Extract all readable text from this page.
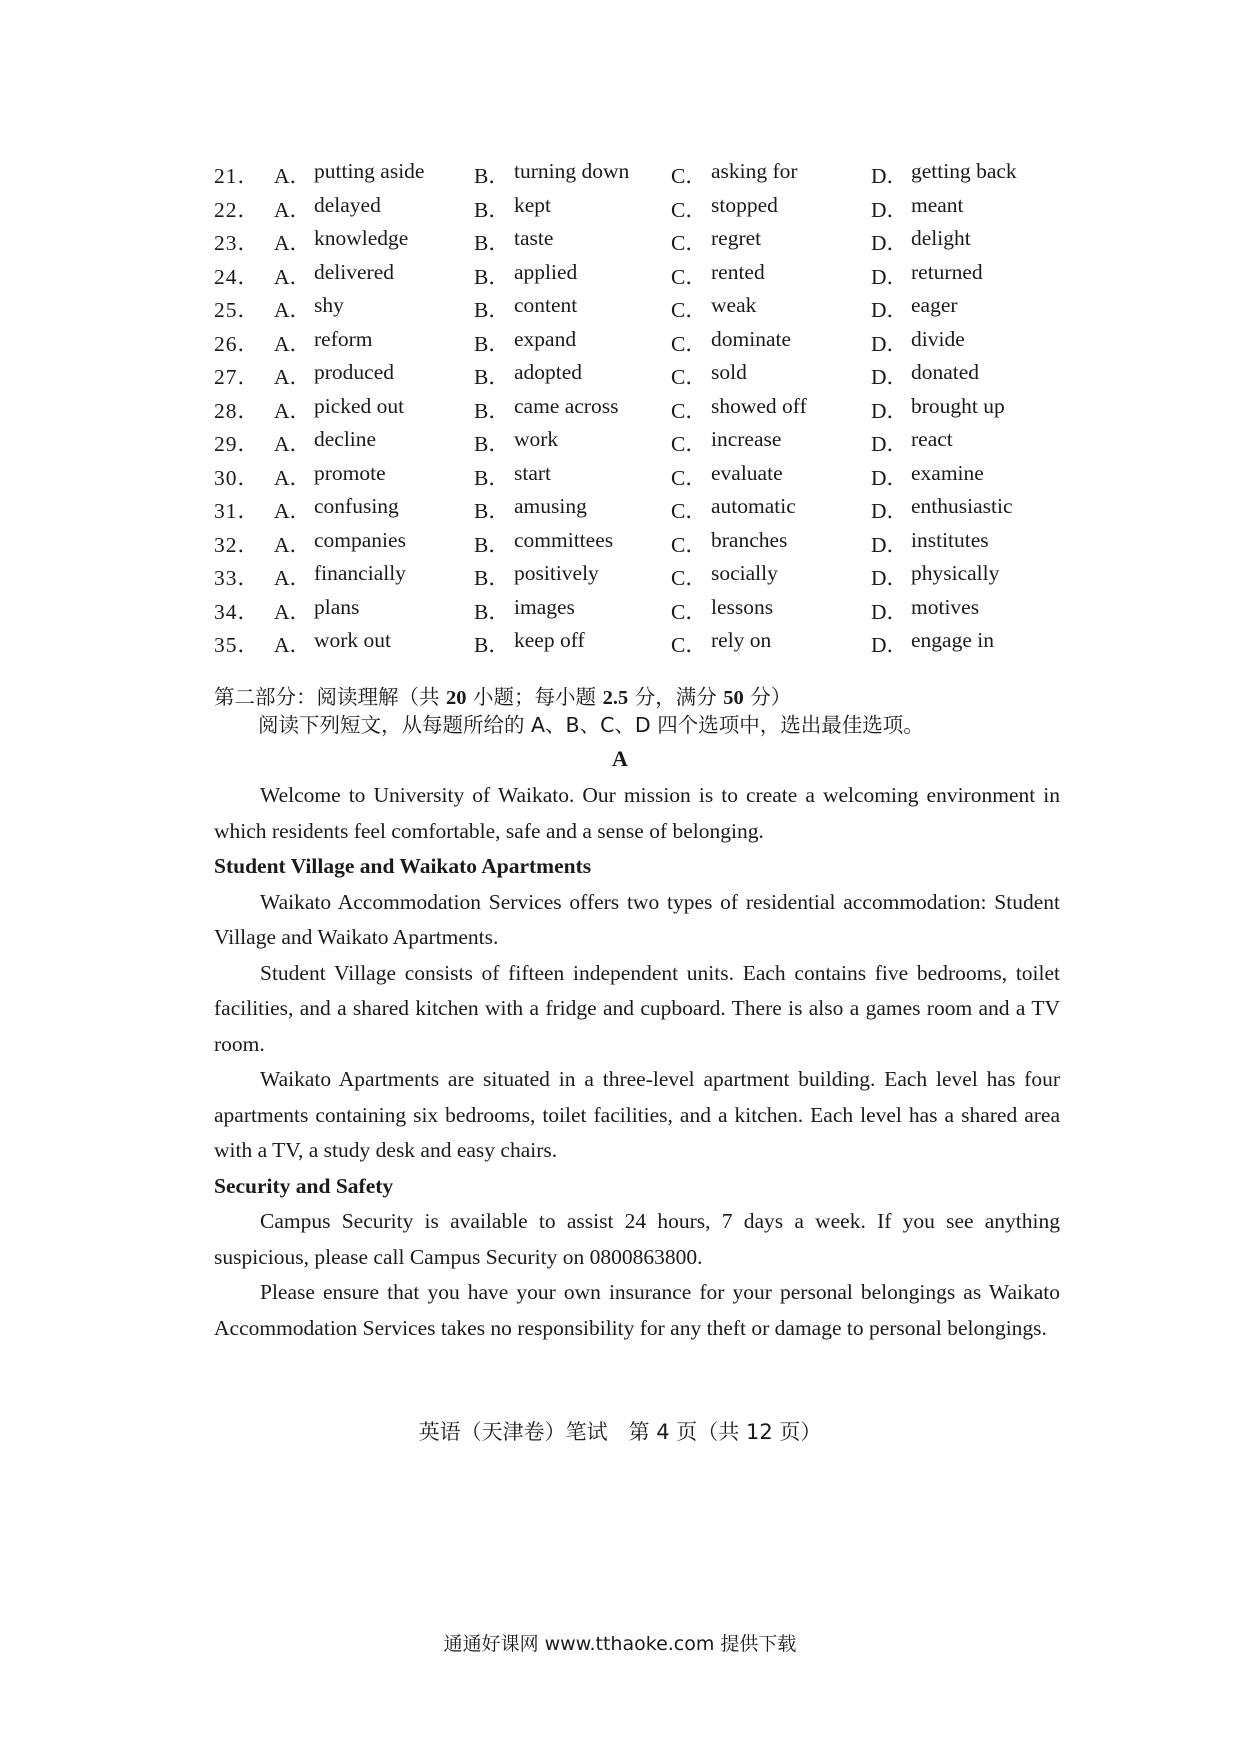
21． A． putting aside B． turning down C． asking for	D． getting back
22． A． delayed	B． kept	C． stopped	D． meant
23． A． knowledge	B． taste	C． regret	D． delight
24． A． delivered	B． applied	C． rented	D． returned
25． A． shy	B． content	C． weak	D． eager
26． A． reform	B． expand	C． dominate	D． divide
27． A． produced	B． adopted	C． sold	D． donated
28． A． picked out	B． came across C． showed off	D． brought up
29． A． decline	B． work	C． increase	D． react
30． A． promote	B． start	C． evaluate	D． examine
31． A． confusing	B． amusing	C． automatic	D． enthusiastic
32． A． companies	B． committees	C． branches	D． institutes
33． A． financially	B． positively	C． socially	D． physically
34． A． plans	B． images	C． lessons	D． motives
35． A． work out	B． keep off	C． rely on	D． engage in
第二部分：阅读理解（共 20 小题；每小题 2.5 分，满分 50 分）
阅读下列短文，从每题所给的 A、B、C、D 四个选项中，选出最佳选项。
A

Welcome to University of Waikato. Our mission is to create a welcoming environment in which residents feel comfortable, safe and a sense of belonging.

Student Village and Waikato Apartments

Waikato Accommodation Services offers two types of residential accommodation: Student Village and Waikato Apartments.

Student Village consists of fifteen independent units. Each contains five bedrooms, toilet facilities, and a shared kitchen with a fridge and cupboard. There is also a games room and a TV room.

Waikato Apartments are situated in a three-level apartment building. Each level has four apartments containing six bedrooms, toilet facilities, and a kitchen. Each level has a shared area with a TV, a study desk and easy chairs.

Security and Safety

Campus Security is available to assist 24 hours, 7 days a week. If you see anything suspicious, please call Campus Security on 0800863800.

Please ensure that you have your own insurance for your personal belongings as Waikato Accommodation Services takes no responsibility for any theft or damage to personal belongings.

英语（天津卷）笔试　第 4 页（共 12 页）
通通好课网 www.tthaoke.com 提供下载
